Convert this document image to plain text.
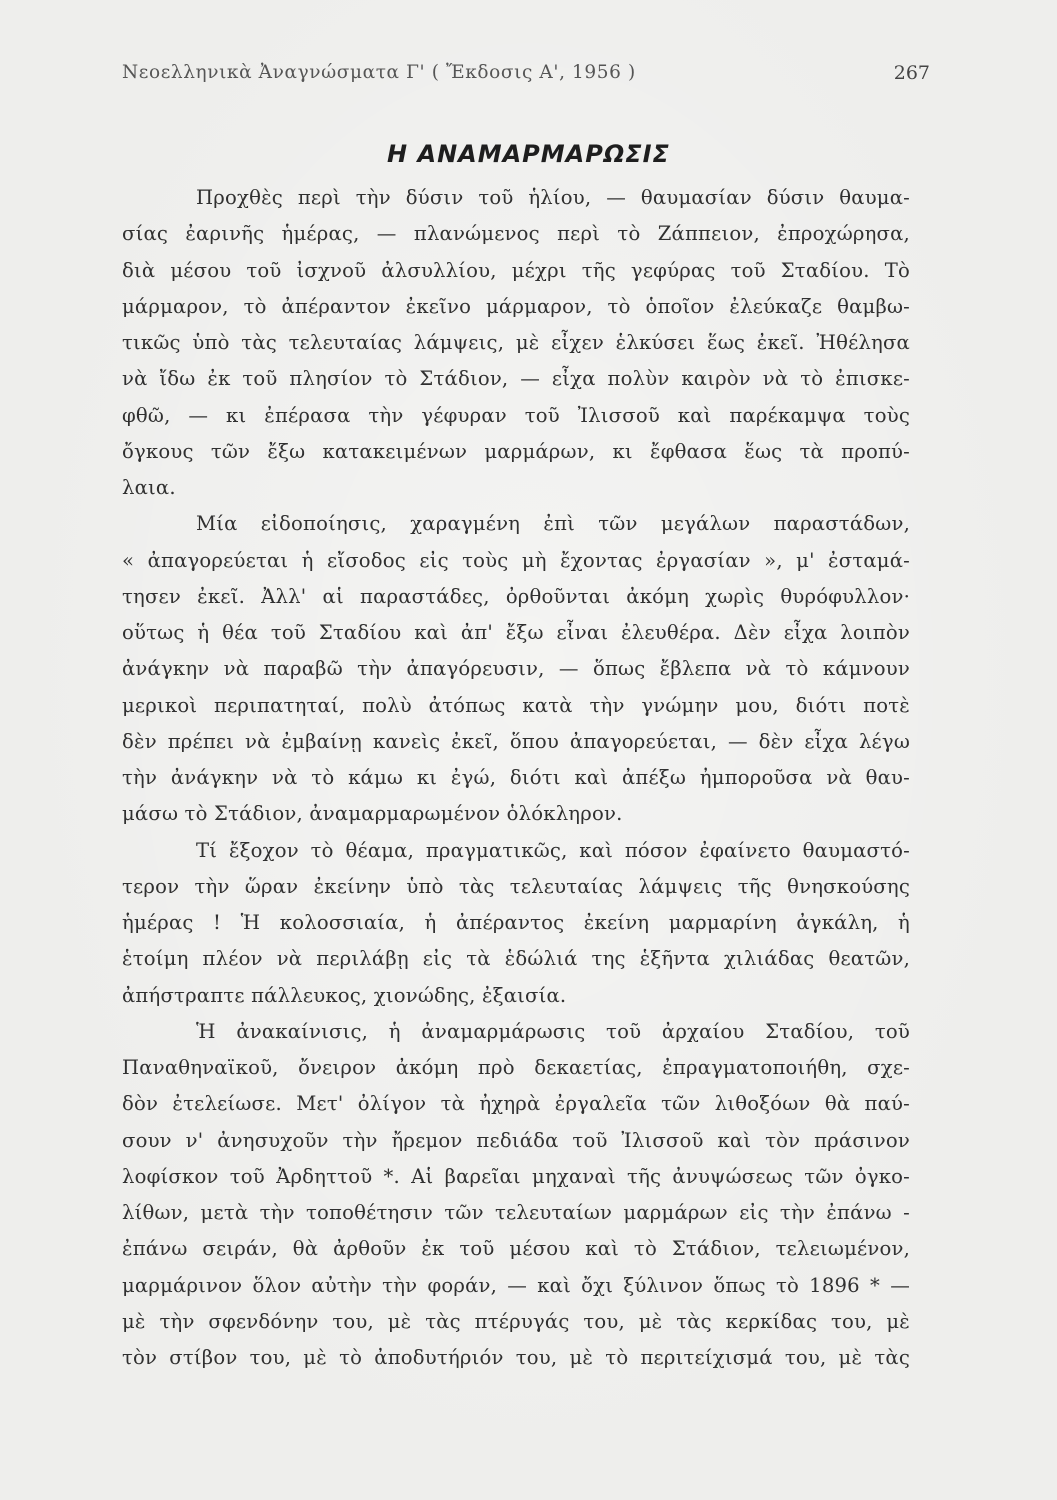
Νεοελληνικὰ Ἀναγνώσματα Γ' ( Ἔκδοσις Α', 1956 )	267
Η ΑΝΑΜΑΡΜΑΡΩΣΙΣ
Προχθὲς περὶ τὴν δύσιν τοῦ ἡλίου, — θαυμασίαν δύσιν θαυμα-
σίας ἐαρινῆς ἡμέρας, — πλανώμενος περὶ τὸ Ζάππειον, ἐπροχώρησα,
διὰ μέσου τοῦ ἰσχνοῦ ἀλσυλλίου, μέχρι τῆς γεφύρας τοῦ Σταδίου. Τὸ
μάρμαρον, τὸ ἀπέραντον ἐκεῖνο μάρμαρον, τὸ ὁποῖον ἐλεύκαζε θαμβω-
τικῶς ὑπὸ τὰς τελευταίας λάμψεις, μὲ εἶχεν ἑλκύσει ἕως ἐκεῖ. Ἠθέλησα
νὰ ἴδω ἐκ τοῦ πλησίον τὸ Στάδιον, — εἶχα πολὺν καιρὸν νὰ τὸ ἐπισκε-
φθῶ, — κι ἐπέρασα τὴν γέφυραν τοῦ Ἰλισσοῦ καὶ παρέκαμψα τοὺς
ὄγκους τῶν ἔξω κατακειμένων μαρμάρων, κι ἔφθασα ἕως τὰ προπύ-
λαια.
Μία εἰδοποίησις, χαραγμένη ἐπὶ τῶν μεγάλων παραστάδων,
« ἀπαγορεύεται ἡ εἴσοδος εἰς τοὺς μὴ ἔχοντας ἐργασίαν », μ' ἐσταμά-
τησεν ἐκεῖ. Ἀλλ' αἱ παραστάδες, ὀρθοῦνται ἀκόμη χωρὶς θυρόφυλλον·
οὕτως ἡ θέα τοῦ Σταδίου καὶ ἀπ' ἔξω εἶναι ἐλευθέρα. Δὲν εἶχα λοιπὸν
ἀνάγκην νὰ παραβῶ τὴν ἀπαγόρευσιν, — ὅπως ἔβλεπα νὰ τὸ κάμνουν
μερικοὶ περιπατηταί, πολὺ ἀτόπως κατὰ τὴν γνώμην μου, διότι ποτὲ
δὲν πρέπει νὰ ἐμβαίνῃ κανεὶς ἐκεῖ, ὅπου ἀπαγορεύεται, — δὲν εἶχα λέγω
τὴν ἀνάγκην νὰ τὸ κάμω κι ἐγώ, διότι καὶ ἀπέξω ἠμποροῦσα νὰ θαυ-
μάσω τὸ Στάδιον, ἀναμαρμαρωμένον ὁλόκληρον.
Τί ἔξοχον τὸ θέαμα, πραγματικῶς, καὶ πόσον ἐφαίνετο θαυμαστό-
τερον τὴν ὥραν ἐκείνην ὑπὸ τὰς τελευταίας λάμψεις τῆς θνησκούσης
ἡμέρας ! Ἡ κολοσσιαία, ἡ ἀπέραντος ἐκείνη μαρμαρίνη ἀγκάλη, ἡ
ἑτοίμη πλέον νὰ περιλάβῃ εἰς τὰ ἑδώλιά της ἑξῆντα χιλιάδας θεατῶν,
ἀπήστραπτε πάλλευκος, χιονώδης, ἐξαισία.
Ἡ ἀνακαίνισις, ἡ ἀναμαρμάρωσις τοῦ ἀρχαίου Σταδίου, τοῦ
Παναθηναϊκοῦ, ὄνειρον ἀκόμη πρὸ δεκαετίας, ἐπραγματοποιήθη, σχε-
δὸν ἐτελείωσε. Μετ' ὀλίγον τὰ ἠχηρὰ ἐργαλεῖα τῶν λιθοξόων θὰ παύ-
σουν ν' ἀνησυχοῦν τὴν ἤρεμον πεδιάδα τοῦ Ἰλισσοῦ καὶ τὸν πράσινον
λοφίσκον τοῦ Ἀρδηττοῦ *. Αἱ βαρεῖαι μηχαναὶ τῆς ἀνυψώσεως τῶν ὀγκο-
λίθων, μετὰ τὴν τοποθέτησιν τῶν τελευταίων μαρμάρων εἰς τὴν ἐπάνω -
ἐπάνω σειράν, θὰ ἀρθοῦν ἐκ τοῦ μέσου καὶ τὸ Στάδιον, τελειωμένον,
μαρμάρινον ὅλον αὐτὴν τὴν φοράν, — καὶ ὄχι ξύλινον ὅπως τὸ 1896 * —
μὲ τὴν σφενδόνην του, μὲ τὰς πτέρυγάς του, μὲ τὰς κερκίδας του, μὲ
τὸν στίβον του, μὲ τὸ ἀποδυτήριόν του, μὲ τὸ περιτείχισμά του, μὲ τὰς
